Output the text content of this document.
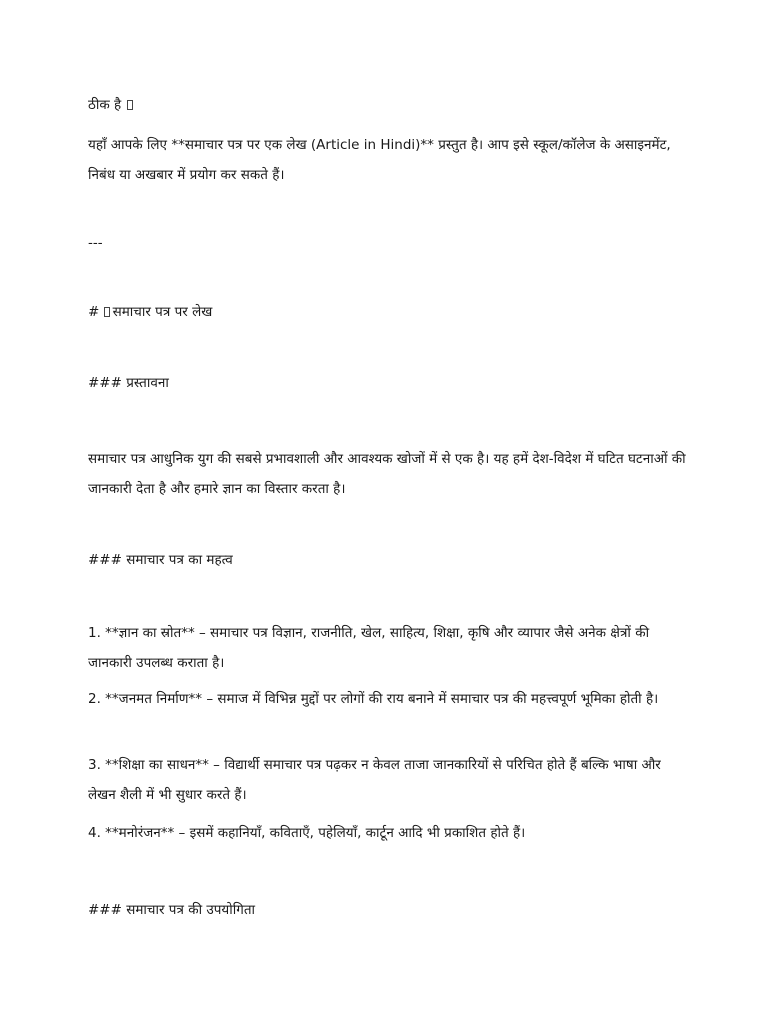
ठीक है

यहाँ आपके लिए **समाचार पत्र पर एक लेख (Article in Hindi)** प्रस्तुत है। आप इसे स्कूल/कॉलेज के असाइनमेंट, निबंध या अखबार में प्रयोग कर सकते हैं।

---

# समाचार पत्र पर लेख

### प्रस्तावना

समाचार पत्र आधुनिक युग की सबसे प्रभावशाली और आवश्यक खोजों में से एक है। यह हमें देश-विदेश में घटित घटनाओं की जानकारी देता है और हमारे ज्ञान का विस्तार करता है।

### समाचार पत्र का महत्व

1. **ज्ञान का स्रोत** – समाचार पत्र विज्ञान, राजनीति, खेल, साहित्य, शिक्षा, कृषि और व्यापार जैसे अनेक क्षेत्रों की जानकारी उपलब्ध कराता है।

2. **जनमत निर्माण** – समाज में विभिन्न मुद्दों पर लोगों की राय बनाने में समाचार पत्र की महत्त्वपूर्ण भूमिका होती है।

3. **शिक्षा का साधन** – विद्यार्थी समाचार पत्र पढ़कर न केवल ताजा जानकारियों से परिचित होते हैं बल्कि भाषा और लेखन शैली में भी सुधार करते हैं।

4. **मनोरंजन** – इसमें कहानियाँ, कविताएँ, पहेलियाँ, कार्टून आदि भी प्रकाशित होते हैं।

### समाचार पत्र की उपयोगिता
